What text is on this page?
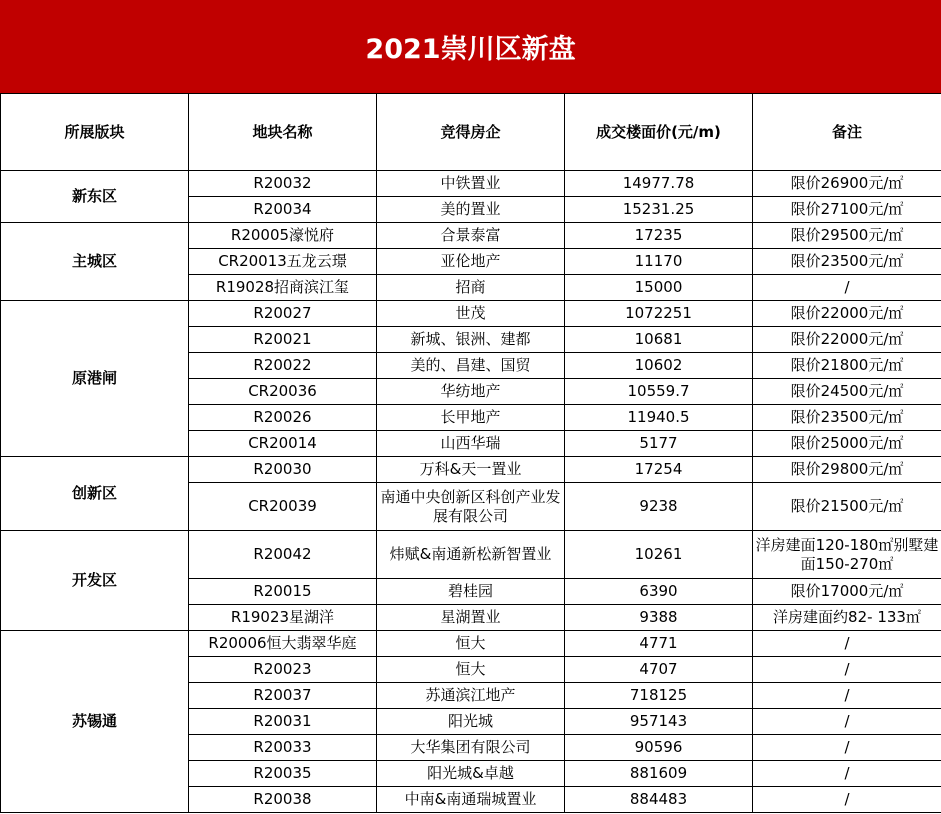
2021崇川区新盘
所展版块	地块名称	竞得房企	成交楼面价(元/m)	备注
新东区	R20032	中铁置业	14977.78	限价26900元/㎡
	R20034	美的置业	15231.25	限价27100元/㎡
主城区	R20005濠悦府	合景泰富	17235	限价29500元/㎡
	CR20013五龙云璟	亚伦地产	11170	限价23500元/㎡
	R19028招商滨江玺	招商	15000	/
原港闸	R20027	世茂	1072251	限价22000元/㎡
	R20021	新城、银洲、建都	10681	限价22000元/㎡
	R20022	美的、昌建、国贸	10602	限价21800元/㎡
	CR20036	华纺地产	10559.7	限价24500元/㎡
	R20026	长甲地产	11940.5	限价23500元/㎡
	CR20014	山西华瑞	5177	限价25000元/㎡
创新区	R20030	万科&天一置业	17254	限价29800元/㎡
	CR20039	南通中央创新区科创产业发展有限公司	9238	限价21500元/㎡
开发区	R20042	炜赋&南通新松新智置业	10261	洋房建面120-180㎡别墅建面150-270㎡
	R20015	碧桂园	6390	限价17000元/㎡
	R19023星湖洋	星湖置业	9388	洋房建面约82- 133㎡
苏锡通	R20006恒大翡翠华庭	恒大	4771	/
	R20023	恒大	4707	/
	R20037	苏通滨江地产	718125	/
	R20031	阳光城	957143	/
	R20033	大华集团有限公司	90596	/
	R20035	阳光城&卓越	881609	/
	R20038	中南&南通瑞城置业	884483	/
